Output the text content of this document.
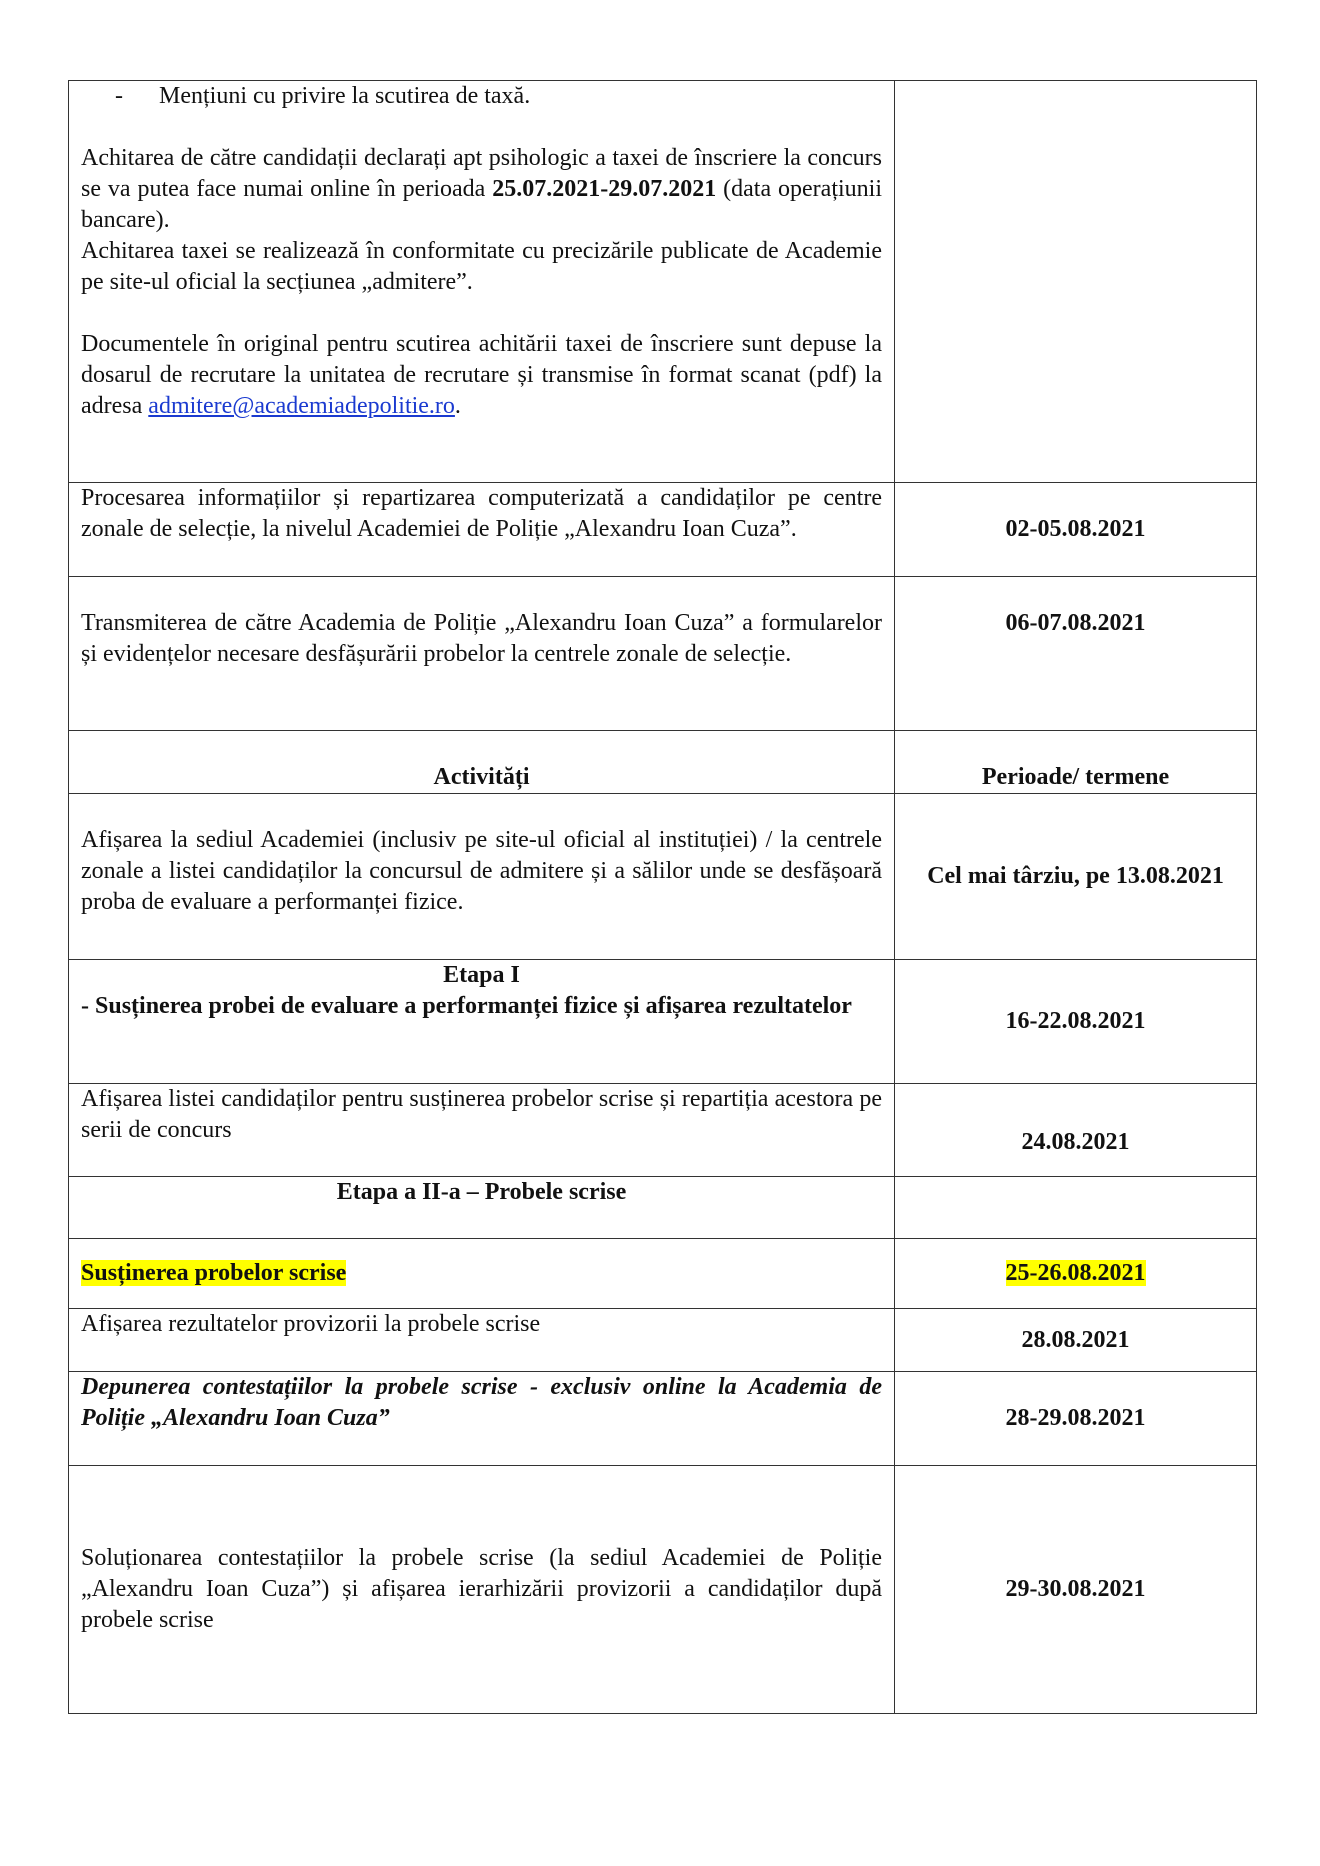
- Mențiuni cu privire la scutirea de taxă.

Achitarea de către candidații declarați apt psihologic a taxei de înscriere la concurs se va putea face numai online în perioada 25.07.2021-29.07.2021 (data operațiunii bancare).

Achitarea taxei se realizează în conformitate cu precizările publicate de Academie pe site-ul oficial la secțiunea „admitere”.

Documentele în original pentru scutirea achitării taxei de înscriere sunt depuse la dosarul de recrutare la unitatea de recrutare și transmise în format scanat (pdf) la adresa admitere@academiadepolitie.ro.	

Procesarea informațiilor și repartizarea computerizată a candidaților pe centre zonale de selecție, la nivelul Academiei de Poliție „Alexandru Ioan Cuza”.	02-05.08.2021
Transmiterea de către Academia de Poliție „Alexandru Ioan Cuza” a formularelor și evidențelor necesare desfășurării probelor la centrele zonale de selecție.	06-07.08.2021
Activități	Perioade/ termene
Afișarea la sediul Academiei (inclusiv pe site-ul oficial al instituției) / la centrele zonale a listei candidaților la concursul de admitere și a sălilor unde se desfășoară proba de evaluare a performanței fizice.	Cel mai târziu, pe 13.08.2021

Etapa I
- Susținerea probei de evaluare a performanței fizice și afișarea rezultatelor	16-22.08.2021
Afișarea listei candidaților pentru susținerea probelor scrise și repartiția acestora pe serii de concurs	24.08.2021
Etapa a II-a – Probele scrise	
Susținerea probelor scrise	25-26.08.2021
Afișarea rezultatelor provizorii la probele scrise	28.08.2021
Depunerea contestațiilor la probele scrise - exclusiv online la Academia de Poliție „Alexandru Ioan Cuza”	28-29.08.2021
Soluționarea contestațiilor la probele scrise (la sediul Academiei de Poliție „Alexandru Ioan Cuza”) și afișarea ierarhizării provizorii a candidaților după probele scrise	29-30.08.2021
